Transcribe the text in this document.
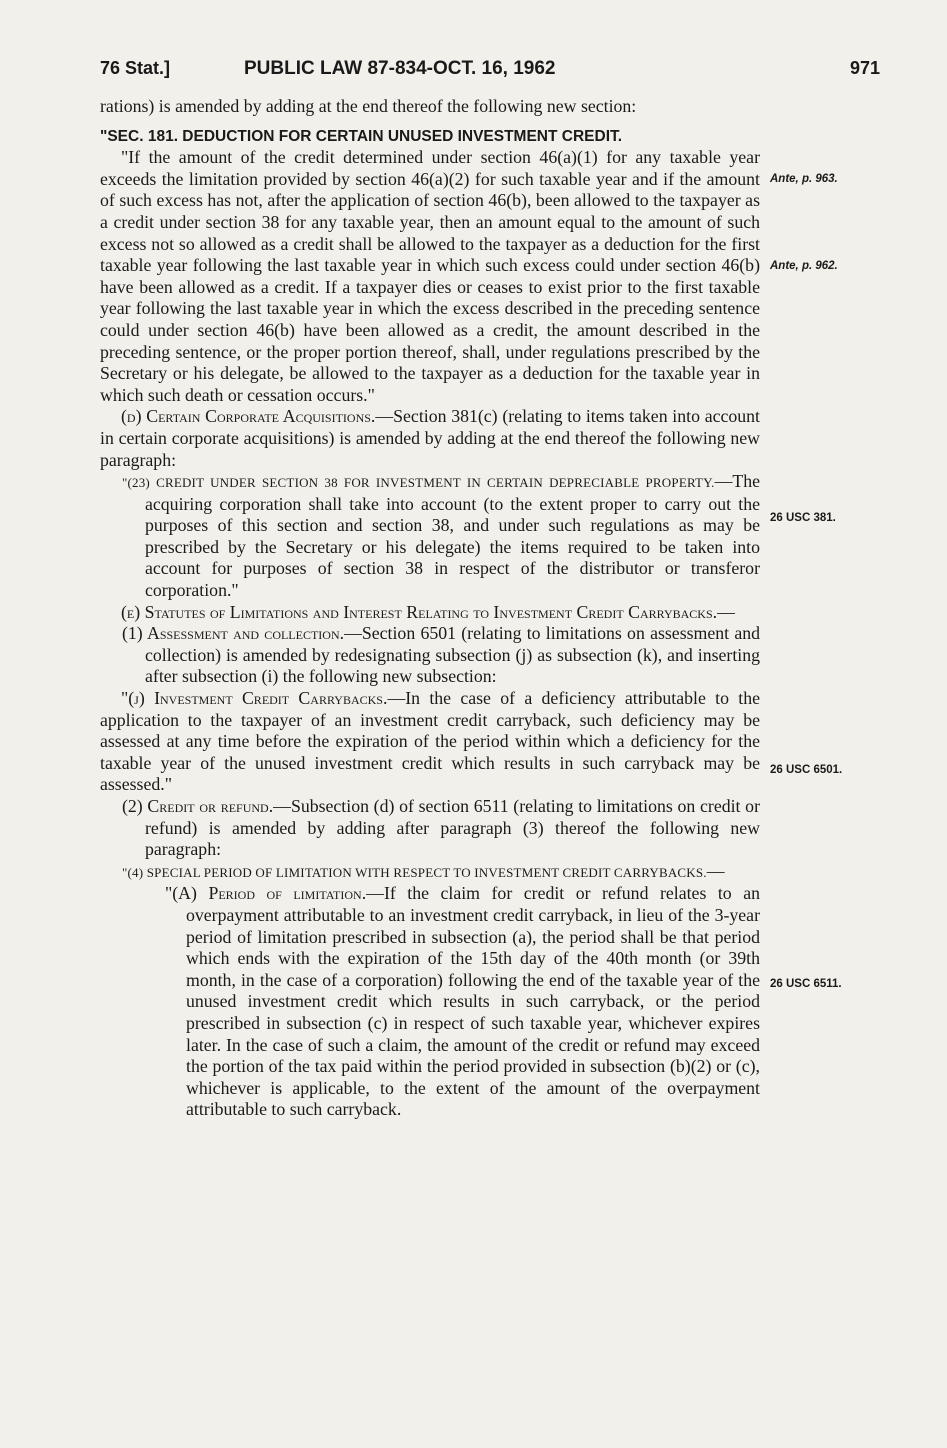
76 Stat.]	PUBLIC LAW 87-834-OCT. 16, 1962	971

rations) is amended by adding at the end thereof the following new section:

"SEC. 181. DEDUCTION FOR CERTAIN UNUSED INVESTMENT CREDIT.

"If the amount of the credit determined under section 46(a)(1) for any taxable year exceeds the limitation provided by section 46(a)(2) for such taxable year and if the amount of such excess has not, after the application of section 46(b), been allowed to the taxpayer as a credit under section 38 for any taxable year, then an amount equal to the amount of such excess not so allowed as a credit shall be allowed to the taxpayer as a deduction for the first taxable year following the last taxable year in which such excess could under section 46(b) have been allowed as a credit. If a taxpayer dies or ceases to exist prior to the first taxable year following the last taxable year in which the excess described in the preceding sentence could under section 46(b) have been allowed as a credit, the amount described in the preceding sentence, or the proper portion thereof, shall, under regulations prescribed by the Secretary or his delegate, be allowed to the taxpayer as a deduction for the taxable year in which such death or cessation occurs."

(d) Certain Corporate Acquisitions.—Section 381(c) (relating to items taken into account in certain corporate acquisitions) is amended by adding at the end thereof the following new paragraph:

"(23) CREDIT UNDER SECTION 38 FOR INVESTMENT IN CERTAIN DEPRECIABLE PROPERTY.—The acquiring corporation shall take into account (to the extent proper to carry out the purposes of this section and section 38, and under such regulations as may be prescribed by the Secretary or his delegate) the items required to be taken into account for purposes of section 38 in respect of the distributor or transferor corporation."

(e) Statutes of Limitations and Interest Relating to Investment Credit Carrybacks.—

(1) Assessment and collection.—Section 6501 (relating to limitations on assessment and collection) is amended by redesignating subsection (j) as subsection (k), and inserting after subsection (i) the following new subsection:

"(j) Investment Credit Carrybacks.—In the case of a deficiency attributable to the application to the taxpayer of an investment credit carryback, such deficiency may be assessed at any time before the expiration of the period within which a deficiency for the taxable year of the unused investment credit which results in such carryback may be assessed."

(2) Credit or refund.—Subsection (d) of section 6511 (relating to limitations on credit or refund) is amended by adding after paragraph (3) thereof the following new paragraph:

"(4) SPECIAL PERIOD OF LIMITATION WITH RESPECT TO INVESTMENT CREDIT CARRYBACKS.—

"(A) Period of limitation.—If the claim for credit or refund relates to an overpayment attributable to an investment credit carryback, in lieu of the 3-year period of limitation prescribed in subsection (a), the period shall be that period which ends with the expiration of the 15th day of the 40th month (or 39th month, in the case of a corporation) following the end of the taxable year of the unused investment credit which results in such carryback, or the period prescribed in subsection (c) in respect of such taxable year, whichever expires later. In the case of such a claim, the amount of the credit or refund may exceed the portion of the tax paid within the period provided in subsection (b)(2) or (c), whichever is applicable, to the extent of the amount of the overpayment attributable to such carryback.

Ante, p. 963.
Ante, p. 962.
26 USC 381.
26 USC 6501.
26 USC 6511.
